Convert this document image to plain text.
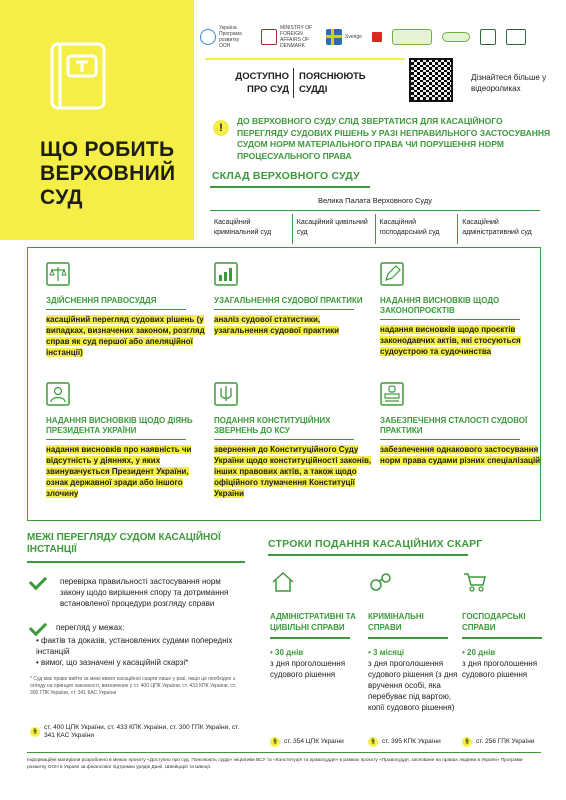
ЩО РОБИТЬ ВЕРХОВНИЙ СУД
Україна Програма розвитку ООН
MINISTRY OF FOREIGN AFFAIRS OF DENMARK
Sverige
ДОСТУПНО ПРО СУД
ПОЯСНЮЮТЬ СУДДІ
Дізнайтеся більше у відеороликах
!
ДО ВЕРХОВНОГО СУДУ СЛІД ЗВЕРТАТИСЯ ДЛЯ КАСАЦІЙНОГО ПЕРЕГЛЯДУ СУДОВИХ РІШЕНЬ У РАЗІ НЕПРАВИЛЬНОГО ЗАСТОСУВАННЯ СУДОМ НОРМ МАТЕРІАЛЬНОГО ПРАВА ЧИ ПОРУШЕННЯ НОРМ ПРОЦЕСУАЛЬНОГО ПРАВА
СКЛАД ВЕРХОВНОГО СУДУ
Велика Палата Верховного Суду
Касаційний кримінальний суд
Касаційний цивільний суд
Касаційний господарський суд
Касаційний адміністративний суд
ЗДІЙСНЕННЯ ПРАВОСУДДЯ
касаційний перегляд судових рішень (у випадках, визначених законом, розгляд справ як суд першої або апеляційної інстанції)
УЗАГАЛЬНЕННЯ СУДОВОЇ ПРАКТИКИ
аналіз судової статистики, узагальнення судової практики
НАДАННЯ ВИСНОВКІВ ЩОДО ЗАКОНОПРОЄКТІВ
надання висновків щодо проєктів законодавчих актів, які стосуються судоустрою та судочинства
НАДАННЯ ВИСНОВКІВ ЩОДО ДІЯНЬ ПРЕЗИДЕНТА УКРАЇНИ
надання висновків про наявність чи відсутність у діяннях, у яких звинувачується Президент України, ознак державної зради або іншого злочину
ПОДАННЯ КОНСТИТУЦІЙНИХ ЗВЕРНЕНЬ ДО КСУ
звернення до Конституційного Суду України щодо конституційності законів, інших правових актів, а також щодо офіційного тлумачення Конституції України
ЗАБЕЗПЕЧЕННЯ СТАЛОСТІ СУДОВОЇ ПРАКТИКИ
забезпечення однакового застосування норм права судами різних спеціалізацій
МЕЖІ ПЕРЕГЛЯДУ СУДОМ КАСАЦІЙНОЇ ІНСТАНЦІЇ
перевірка правильності застосування норм закону щодо вирішення спору та дотримання встановленої процедури розгляду справи
перегляд у межах:
• фактів та доказів, установлених судами попередніх інстанцій
• вимог, що зазначені у касаційній скарзі*
* Суд має право вийти за межі вимог касаційної скарги лише у разі, якщо це необхідно з огляду на принцип законності, визначених у ст. 400 ЦПК України, ст. 433 КПК України, ст. 300 ГПК України, ст. 341 КАС України
§
ст. 400 ЦПК України, ст. 433 КПК України, ст. 300 ГПК України, ст. 341 КАС України
СТРОКИ ПОДАННЯ КАСАЦІЙНИХ СКАРГ
АДМІНІСТРАТИВНІ ТА ЦИВІЛЬНІ СПРАВИ
• 30 днів
з дня проголошення судового рішення
КРИМІНАЛЬНІ СПРАВИ
• 3 місяці
з дня проголошення судового рішення (з дня вручення особі, яка перебуває під вартою, копії судового рішення)
ГОСПОДАРСЬКІ СПРАВИ
• 20 днів
з дня проголошення судового рішення
§	ст. 354 ЦПК України	§	ст. 395 КПК України	§	ст. 256 ГПК України
Інформаційні матеріали розроблено в межах проєкту «Доступно про суд. Пояснюють судді» ініціативи ВСУ та «Конституція та правосуддя» в рамках проєкту «Правосуддя, засноване на правах людини в Україні» Програми розвитку ООН в Україні за фінансової підтримки урядів Данії, Швейцарії та Швеції.
